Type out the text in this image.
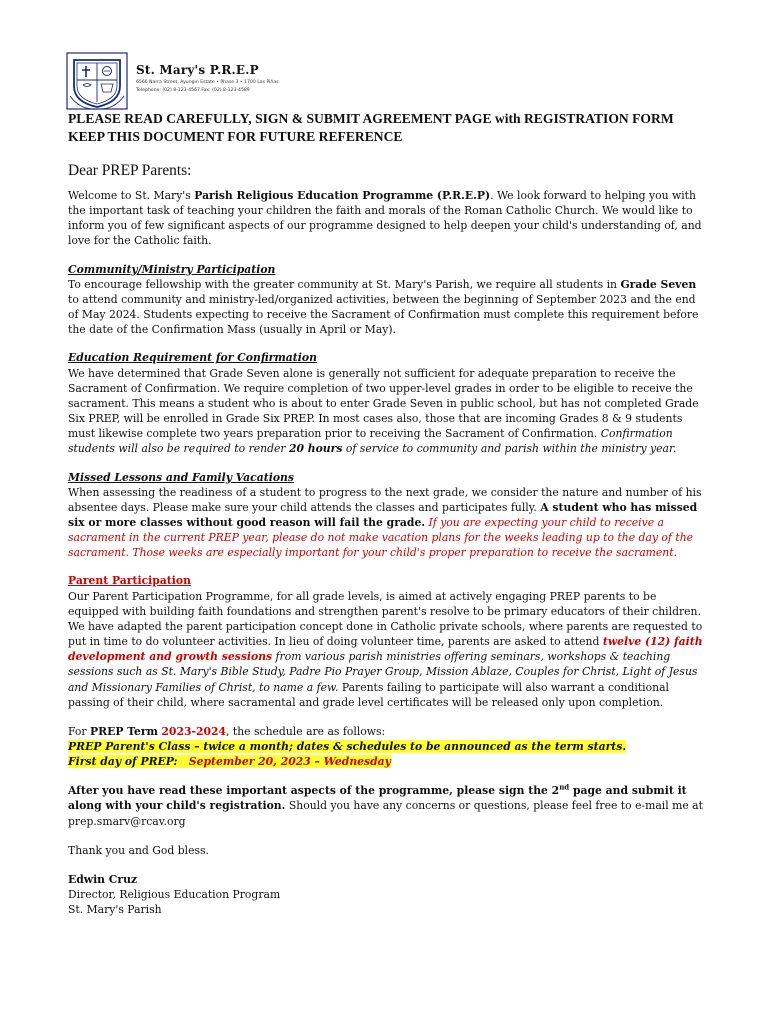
St. Mary's P.R.E.P
6566 Narra Street, Ayungin Estate • Phase 3 • 1700 Las Piñas
Telephone: (02) 8-123-4567 Fax: (02) 8-123-4589
PLEASE READ CAREFULLY, SIGN & SUBMIT AGREEMENT PAGE with REGISTRATION FORM
KEEP THIS DOCUMENT FOR FUTURE REFERENCE
Dear PREP Parents:

Welcome to St. Mary's Parish Religious Education Programme (P.R.E.P). We look forward to helping you with the important task of teaching your children the faith and morals of the Roman Catholic Church. We would like to inform you of few significant aspects of our programme designed to help deepen your child's understanding of, and love for the Catholic faith.

Community/Ministry Participation

To encourage fellowship with the greater community at St. Mary's Parish, we require all students in Grade Seven to attend community and ministry-led/organized activities, between the beginning of September 2023 and the end of May 2024. Students expecting to receive the Sacrament of Confirmation must complete this requirement before the date of the Confirmation Mass (usually in April or May).

Education Requirement for Confirmation

We have determined that Grade Seven alone is generally not sufficient for adequate preparation to receive the Sacrament of Confirmation. We require completion of two upper-level grades in order to be eligible to receive the sacrament. This means a student who is about to enter Grade Seven in public school, but has not completed Grade Six PREP, will be enrolled in Grade Six PREP. In most cases also, those that are incoming Grades 8 & 9 students must likewise complete two years preparation prior to receiving the Sacrament of Confirmation. Confirmation students will also be required to render 20 hours of service to community and parish within the ministry year.

Missed Lessons and Family Vacations

When assessing the readiness of a student to progress to the next grade, we consider the nature and number of his absentee days. Please make sure your child attends the classes and participates fully. A student who has missed six or more classes without good reason will fail the grade. If you are expecting your child to receive a sacrament in the current PREP year, please do not make vacation plans for the weeks leading up to the day of the sacrament. Those weeks are especially important for your child's proper preparation to receive the sacrament.

Parent Participation

Our Parent Participation Programme, for all grade levels, is aimed at actively engaging PREP parents to be equipped with building faith foundations and strengthen parent's resolve to be primary educators of their children. We have adapted the parent participation concept done in Catholic private schools, where parents are requested to put in time to do volunteer activities. In lieu of doing volunteer time, parents are asked to attend twelve (12) faith development and growth sessions from various parish ministries offering seminars, workshops & teaching sessions such as St. Mary's Bible Study, Padre Pio Prayer Group, Mission Ablaze, Couples for Christ, Light of Jesus and Missionary Families of Christ, to name a few. Parents failing to participate will also warrant a conditional passing of their child, where sacramental and grade level certificates will be released only upon completion.

For PREP Term 2023-2024, the schedule are as follows:

PREP Parent's Class – twice a month; dates & schedules to be announced as the term starts.

First day of PREP: September 20, 2023 – Wednesday

After you have read these important aspects of the programme, please sign the 2nd page and submit it along with your child's registration. Should you have any concerns or questions, please feel free to e-mail me at prep.smarv@rcav.org

Thank you and God bless.

Edwin Cruz

Director, Religious Education Program

St. Mary's Parish
